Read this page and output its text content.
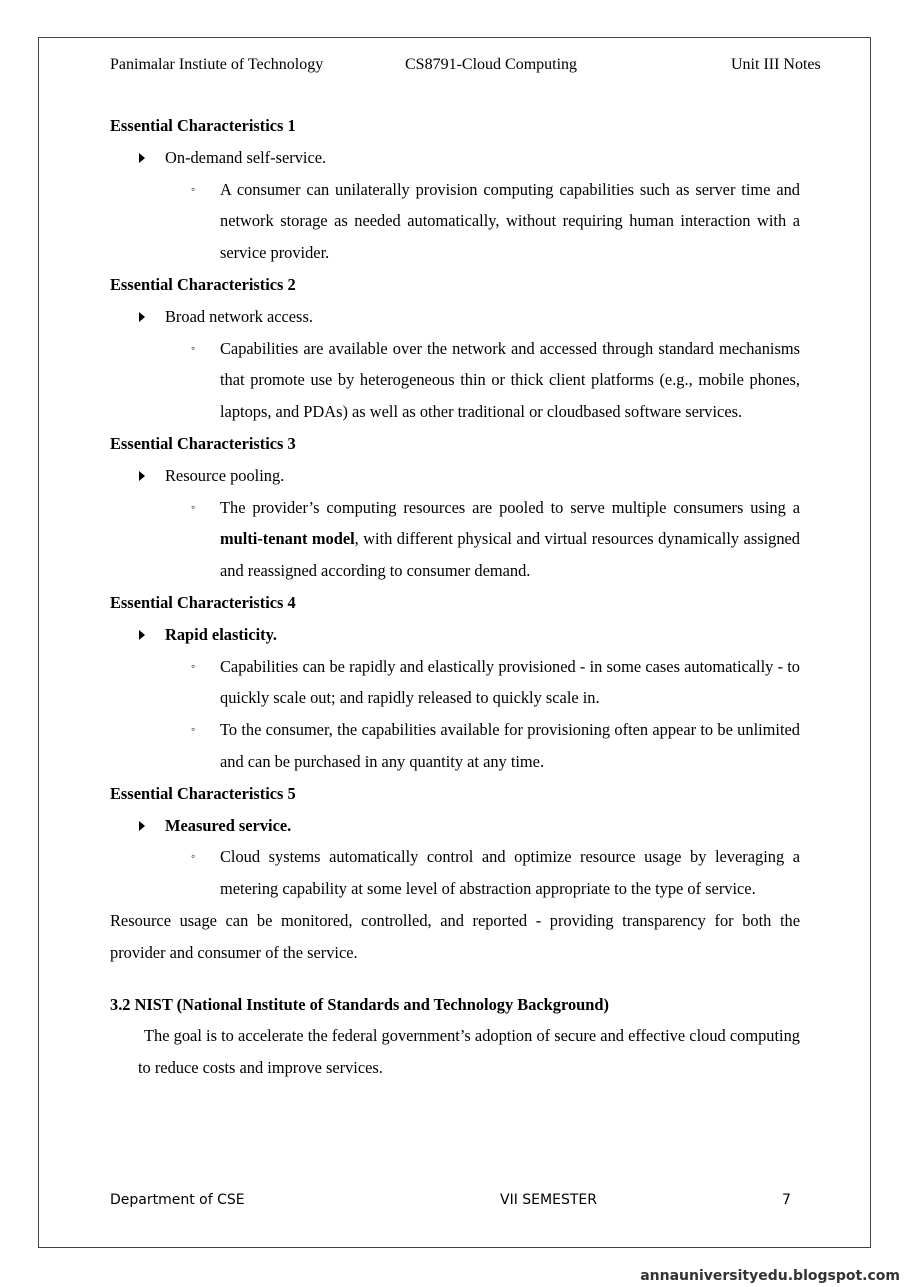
Panimalar Instiute of Technology	CS8791-Cloud Computing	Unit III Notes
Essential Characteristics 1
On-demand self-service.
◦ A consumer can unilaterally provision computing capabilities such as server time and network storage as needed automatically, without requiring human interaction with a service provider.
Essential Characteristics 2
Broad network access.
◦ Capabilities are available over the network and accessed through standard mechanisms that promote use by heterogeneous thin or thick client platforms (e.g., mobile phones, laptops, and PDAs) as well as other traditional or cloudbased software services.
Essential Characteristics 3
Resource pooling.
◦ The provider’s computing resources are pooled to serve multiple consumers using a multi-tenant model, with different physical and virtual resources dynamically assigned and reassigned according to consumer demand.
Essential Characteristics 4
Rapid elasticity.
◦ Capabilities can be rapidly and elastically provisioned - in some cases automatically - to quickly scale out; and rapidly released to quickly scale in.
◦ To the consumer, the capabilities available for provisioning often appear to be unlimited and can be purchased in any quantity at any time.
Essential Characteristics 5
Measured service.
◦ Cloud systems automatically control and optimize resource usage by leveraging a metering capability at some level of abstraction appropriate to the type of service.
Resource usage can be monitored, controlled, and reported - providing transparency for both the provider and consumer of the service.
3.2 NIST (National Institute of Standards and Technology Background)
The goal is to accelerate the federal government’s adoption of secure and effective cloud computing to reduce costs and improve services.
Department of CSE	VII SEMESTER	7
annauniversityedu.blogspot.com
